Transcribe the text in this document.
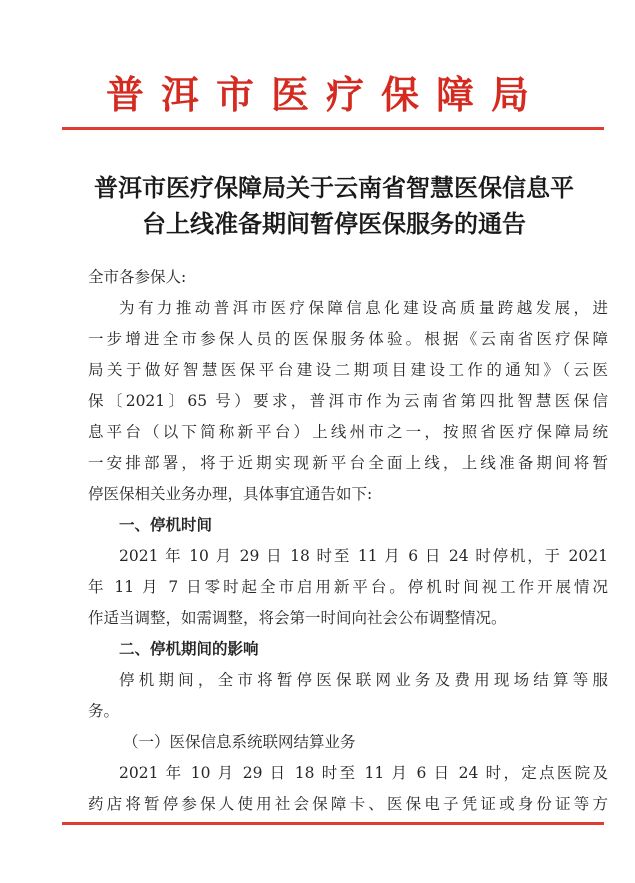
普洱市医疗保障局
普洱市医疗保障局关于云南省智慧医保信息平
台上线准备期间暂停医保服务的通告
全市各参保人:
为有力推动普洱市医疗保障信息化建设高质量跨越发展，进
一步增进全市参保人员的医保服务体验。根据《云南省医疗保障
局关于做好智慧医保平台建设二期项目建设工作的通知》（云医
保〔2021〕65 号）要求，普洱市作为云南省第四批智慧医保信
息平台（以下简称新平台）上线州市之一，按照省医疗保障局统
一安排部署，将于近期实现新平台全面上线，上线准备期间将暂
停医保相关业务办理，具体事宜通告如下:
一、停机时间
2021 年 10 月 29 日 18 时至 11 月 6 日 24 时停机，于 2021
年 11 月 7 日零时起全市启用新平台。停机时间视工作开展情况
作适当调整，如需调整，将会第一时间向社会公布调整情况。
二、停机期间的影响
停机期间，全市将暂停医保联网业务及费用现场结算等服
务。
（一）医保信息系统联网结算业务
2021 年 10 月 29 日 18 时至 11 月 6 日 24 时，定点医院及
药店将暂停参保人使用社会保障卡、医保电子凭证或身份证等方
